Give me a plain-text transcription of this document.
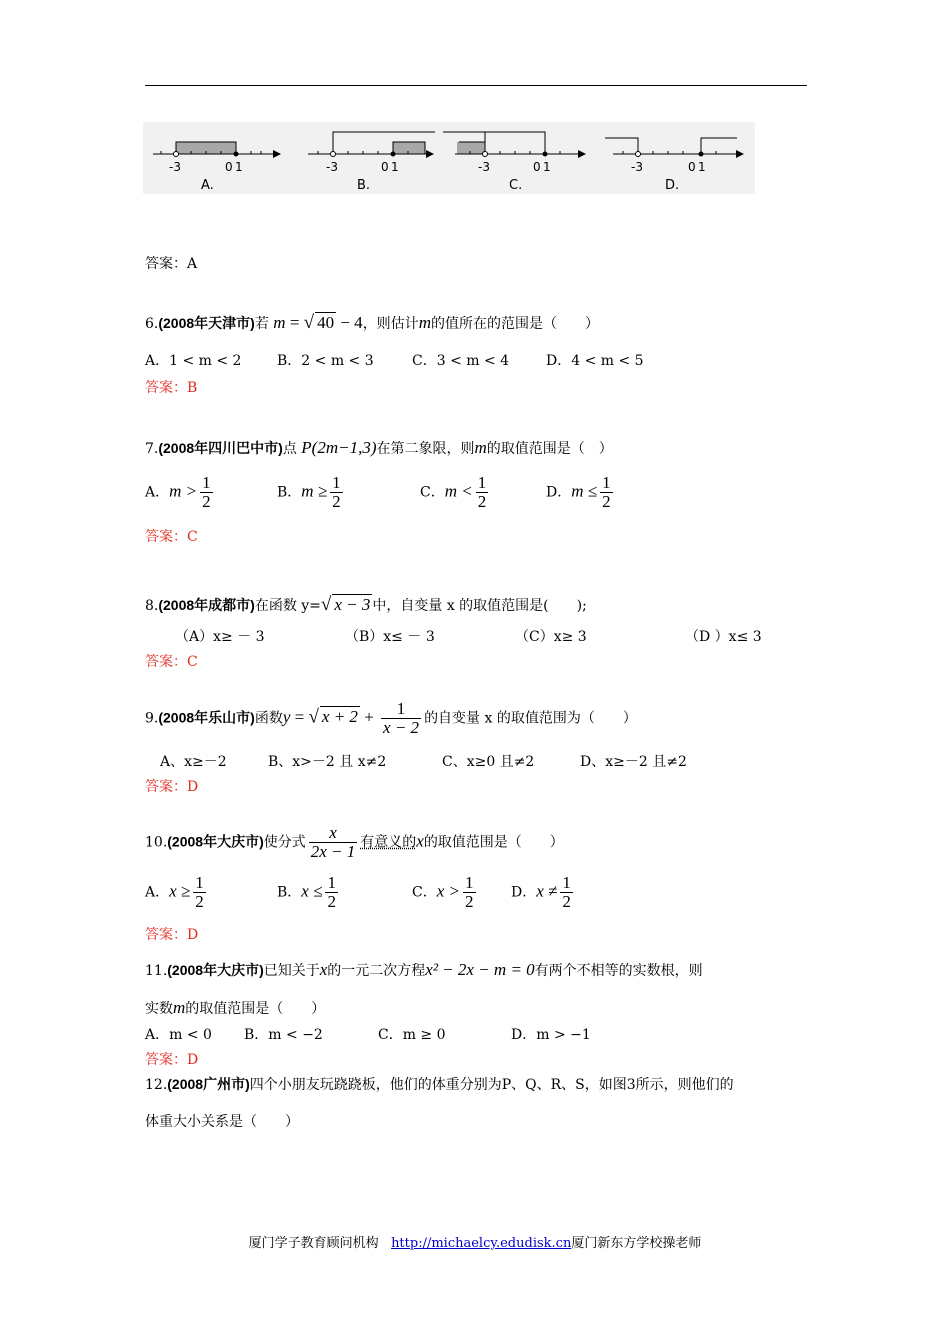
-3	0 1
A.
-3	0 1
B.
-3	0 1
C.
-3	0 1
D.
答案：A
6.(2008年天津市)若 m = √ 40 − 4，则估计m的值所在的范围是（　　）
A．1 < m < 2	B．2 < m < 3	C．3 < m < 4	D．4 < m < 5
答案：B
7.(2008年四川巴中市)点 P(2m−1,3)在第二象限，则m的取值范围是（　）
A．$m > \frac{1}{2}$	B．$m \ge \frac{1}{2}$	C．$m < \frac{1}{2}$	D．$m \le \frac{1}{2}$
答案：C
8.(2008年成都市)在函数 y=√ x − 3 中，自变量 x 的取值范围是(　　);
（A）x≥ － 3	（B）x≤ － 3	（C）x≥ 3	（D ）x≤ 3
答案：C
9.(2008年乐山市)函数y = √ $x + 2 + \frac{1}{x - 2}$ 的自变量 x 的取值范围为（　　）
A、x≥－2	B、x>－2 且 x≠2	C、x≥0 且≠2	D、x≥－2 且≠2
答案：D
10.(2008年大庆市)使分式 $\frac{x}{2x - 1}$ 有意义的x的取值范围是（　　）
A．$x \ge \frac{1}{2}$	B．$x \le \frac{1}{2}$	C．$x > \frac{1}{2}$	D．$x \ne \frac{1}{2}$
答案：D
11.(2008年大庆市)已知关于x的一元二次方程x² − 2x − m = 0有两个不相等的实数根，则
实数m的取值范围是（　　）
A．m < 0 B．m < −2	C．m ≥ 0	D．m > −1
答案：D
12.(2008广州市)四个小朋友玩跷跷板，他们的体重分别为P、Q、R、S，如图3所示，则他们的
体重大小关系是（　　）
厦门学子教育顾问机构 http://michaelcy.edudisk.cn厦门新东方学校操老师
